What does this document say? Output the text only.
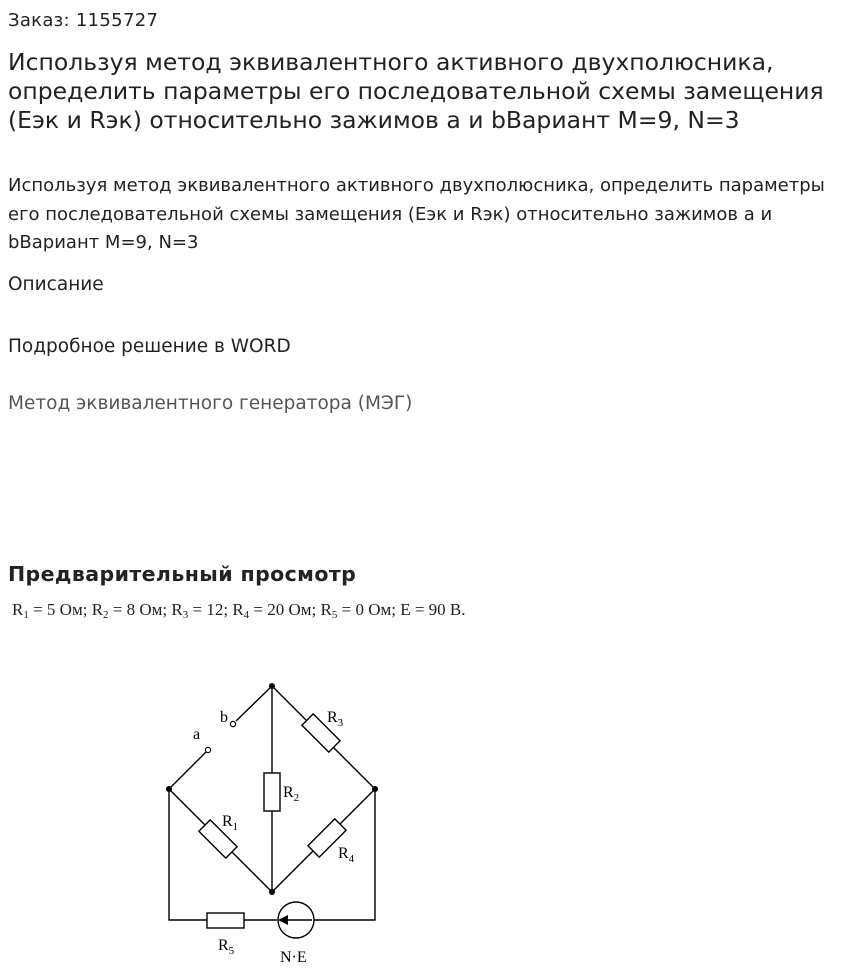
Заказ: 1155727
Используя метод эквивалентного активного двухполюсника, определить параметры его последовательной схемы замещения (Eэк и Rэк) относительно зажимов a и bВариант M=9, N=3
Используя метод эквивалентного активного двухполюсника, определить параметры его последовательной схемы замещения (Eэк и Rэк) относительно зажимов a и bВариант M=9, N=3
Описание
Подробное решение в WORD
Метод эквивалентного генератора (МЭГ)
Предварительный просмотр
$R_1 = 5$ Ом; $R_2 = 8$ Ом; $R_3 = 12$; $R_4 = 20$ Ом; $R_5 = 0$ Ом; E = 90 B.
a
b	$R_3$
$R_2$
$R_1$
$R_4$
$R_5$	N·E
